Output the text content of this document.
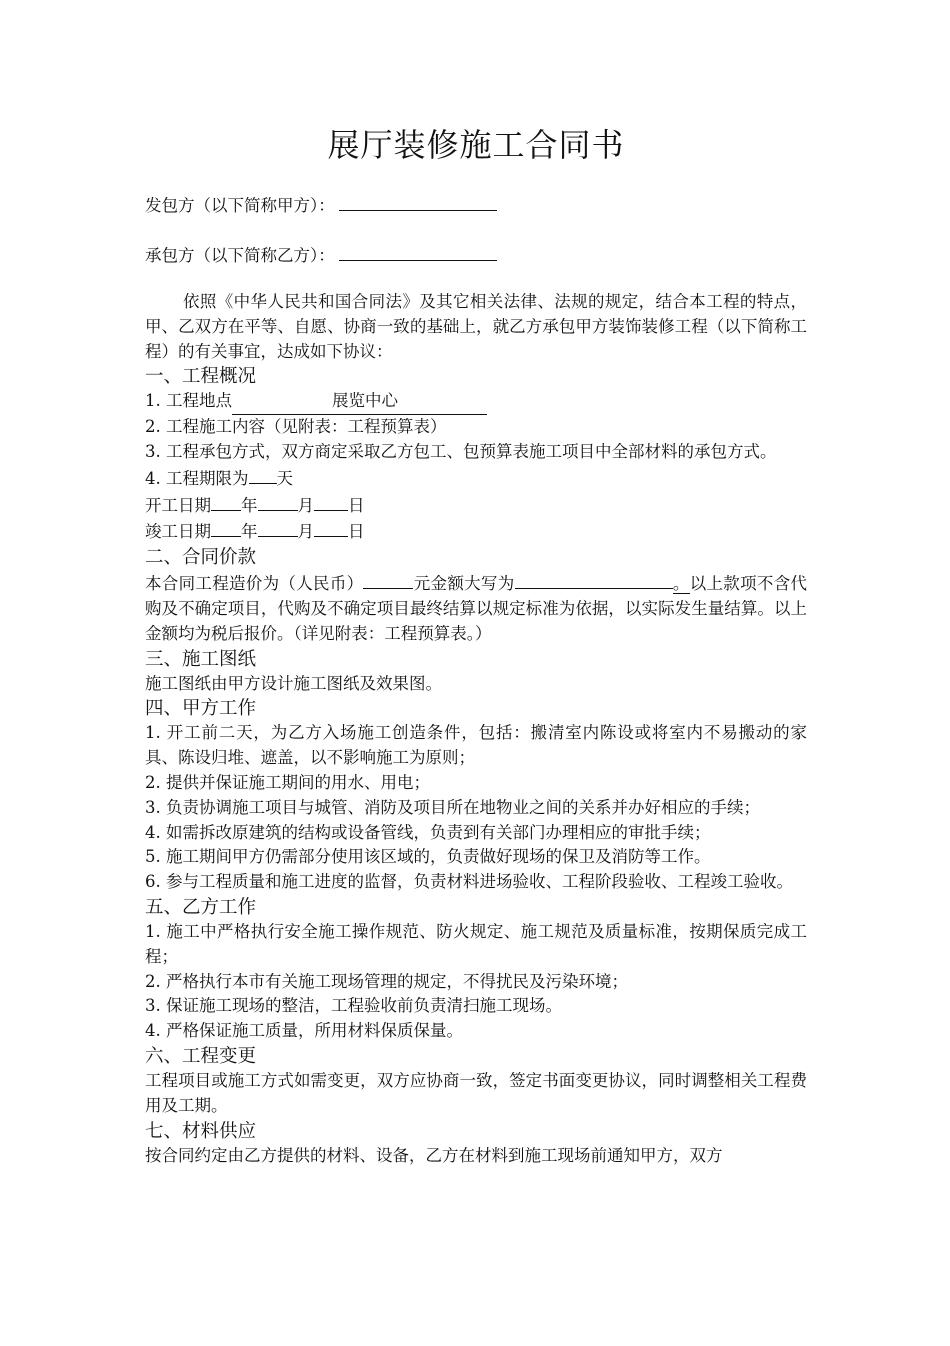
展厅装修施工合同书
发包方（以下简称甲方）：
承包方（以下简称乙方）：

依照《中华人民共和国合同法》及其它相关法律、法规的规定，结合本工程的特点，甲、乙双方在平等、自愿、协商一致的基础上，就乙方承包甲方装饰装修工程（以下简称工程）的有关事宜，达成如下协议：

一、工程概况

1. 工程地点	展览中心

2. 工程施工内容（见附表：工程预算表）

3. 工程承包方式，双方商定采取乙方包工、包预算表施工项目中全部材料的承包方式。

4. 工程期限为 天

开工日期 年 月 日

竣工日期 年 月 日

二、合同价款

本合同工程造价为（人民币）	元金额大写为	。以上款项不含代购及不确定项目，代购及不确定项目最终结算以规定标准为依据，以实际发生量结算。以上金额均为税后报价。（详见附表：工程预算表。）

三、施工图纸

施工图纸由甲方设计施工图纸及效果图。

四、甲方工作

1. 开工前二天，为乙方入场施工创造条件，包括：搬清室内陈设或将室内不易搬动的家具、陈设归堆、遮盖，以不影响施工为原则；

2. 提供并保证施工期间的用水、用电；

3. 负责协调施工项目与城管、消防及项目所在地物业之间的关系并办好相应的手续；

4. 如需拆改原建筑的结构或设备管线，负责到有关部门办理相应的审批手续；

5. 施工期间甲方仍需部分使用该区域的，负责做好现场的保卫及消防等工作。

6. 参与工程质量和施工进度的监督，负责材料进场验收、工程阶段验收、工程竣工验收。

五、乙方工作

1. 施工中严格执行安全施工操作规范、防火规定、施工规范及质量标准，按期保质完成工程；

2. 严格执行本市有关施工现场管理的规定，不得扰民及污染环境；

3. 保证施工现场的整洁，工程验收前负责清扫施工现场。

4. 严格保证施工质量，所用材料保质保量。

六、工程变更

工程项目或施工方式如需变更，双方应协商一致，签定书面变更协议，同时调整相关工程费用及工期。

七、材料供应

按合同约定由乙方提供的材料、设备，乙方在材料到施工现场前通知甲方，双方
